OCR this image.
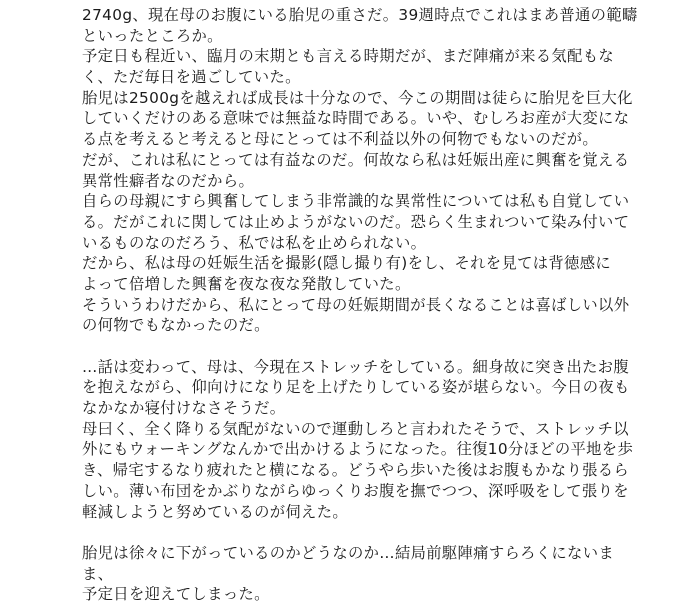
2740g、現在母のお腹にいる胎児の重さだ。39週時点でこれはまあ普通の範疇
といったところか。
予定日も程近い、臨月の末期とも言える時期だが、まだ陣痛が来る気配もな
く、ただ毎日を過ごしていた。
胎児は2500gを越えれば成長は十分なので、今この期間は徒らに胎児を巨大化
していくだけのある意味では無益な時間である。いや、むしろお産が大変にな
る点を考えると考えると母にとっては不利益以外の何物でもないのだが。
だが、これは私にとっては有益なのだ。何故なら私は妊娠出産に興奮を覚える
異常性癖者なのだから。
自らの母親にすら興奮してしまう非常識的な異常性については私も自覚してい
る。だがこれに関しては止めようがないのだ。恐らく生まれついて染み付いて
いるものなのだろう、私では私を止められない。
だから、私は母の妊娠生活を撮影(隠し撮り有)をし、それを見ては背徳感に
よって倍増した興奮を夜な夜な発散していた。
そういうわけだから、私にとって母の妊娠期間が長くなることは喜ばしい以外
の何物でもなかったのだ。
…話は変わって、母は、今現在ストレッチをしている。細身故に突き出たお腹
を抱えながら、仰向けになり足を上げたりしている姿が堪らない。今日の夜も
なかなか寝付けなさそうだ。
母曰く、全く降りる気配がないので運動しろと言われたそうで、ストレッチ以
外にもウォーキングなんかで出かけるようになった。往復10分ほどの平地を歩
き、帰宅するなり疲れたと横になる。どうやら歩いた後はお腹もかなり張るら
しい。薄い布団をかぶりながらゆっくりお腹を撫でつつ、深呼吸をして張りを
軽減しようと努めているのが伺えた。
胎児は徐々に下がっているのかどうなのか…結局前駆陣痛すらろくにないま
ま、
予定日を迎えてしまった。
